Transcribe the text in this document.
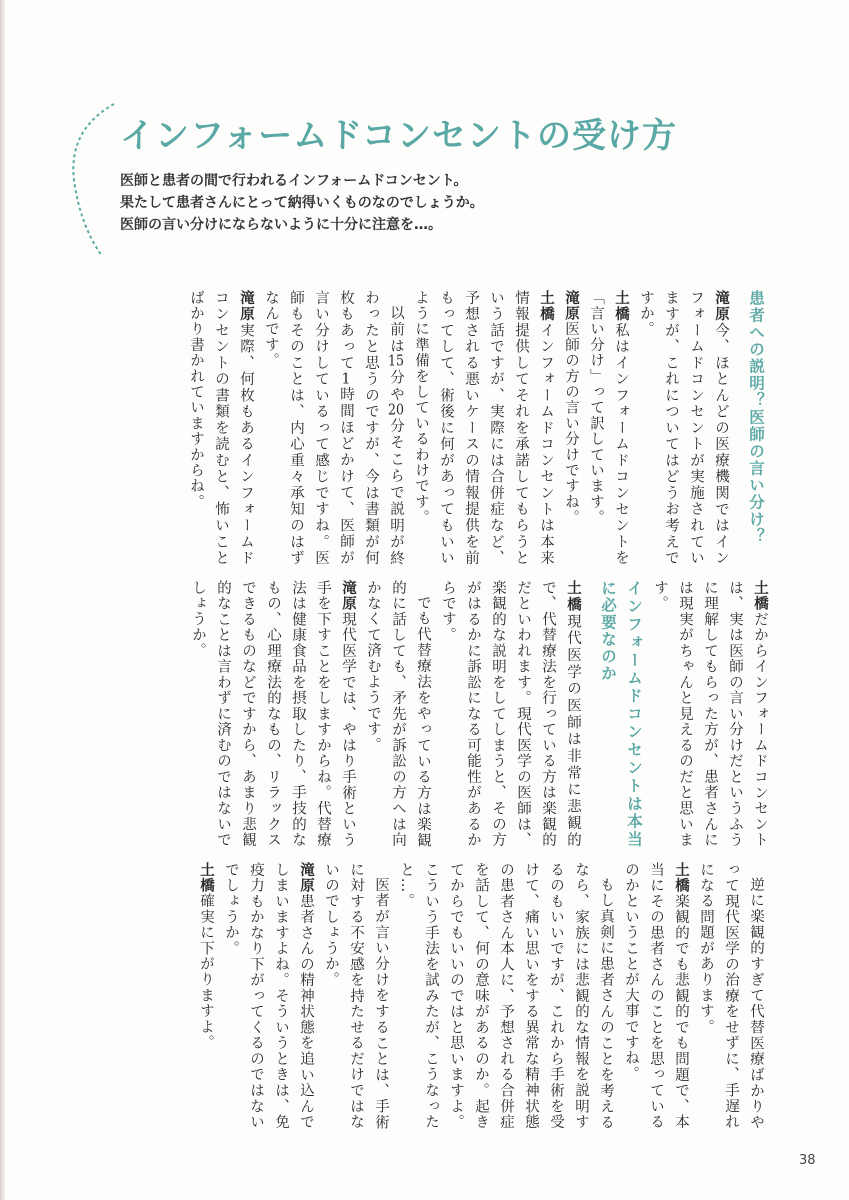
インフォームドコンセントの受け方
医師と患者の間で行われるインフォームドコンセント。
果たして患者さんにとって納得いくものなのでしょうか。
医師の言い分けにならないように十分に注意を…。
患者への説明？医師の言い分け？

滝原今、ほとんどの医療機関ではインフォームドコンセントが実施されていますが、これについてはどうお考えですか。

土橋私はインフォームドコンセントを「言い分け」って訳しています。

滝原医師の方の言い分けですね。

土橋インフォームドコンセントは本来情報提供してそれを承諾してもらうという話ですが、実際には合併症など、予想される悪いケースの情報提供を前もってして、術後に何があってもいいように準備をしているわけです。

以前は15分や20分そこらで説明が終わったと思うのですが、今は書類が何枚もあって1時間ほどかけて、医師が言い分けしているって感じですね。医師もそのことは、内心重々承知のはずなんです。

滝原実際、何枚もあるインフォームドコンセントの書類を読むと、怖いことばかり書かれていますからね。

土橋だからインフォームドコンセントは、実は医師の言い分けだというふうに理解してもらった方が、患者さんには現実がちゃんと見えるのだと思います。

インフォームドコンセントは本当に必要なのか

土橋現代医学の医師は非常に悲観的で、代替療法を行っている方は楽観的だといわれます。現代医学の医師は、楽観的な説明をしてしまうと、その方がはるかに訴訟になる可能性があるからです。

でも代替療法をやっている方は楽観的に話しても、矛先が訴訟の方へは向かなくて済むようです。

滝原現代医学では、やはり手術という手を下すことをしますからね。代替療法は健康食品を摂取したり、手技的なもの、心理療法的なもの、リラックスできるものなどですから、あまり悲観的なことは言わずに済むのではないでしょうか。

逆に楽観的すぎて代替医療ばかりやって現代医学の治療をせずに、手遅れになる問題があります。

土橋楽観的でも悲観的でも問題で、本当にその患者さんのことを思っているのかということが大事ですね。

もし真剣に患者さんのことを考えるなら、家族には悲観的な情報を説明するのもいいですが、これから手術を受けて、痛い思いをする異常な精神状態の患者さん本人に、予想される合併症を話して、何の意味があるのか。起きてからでもいいのではと思いますよ。こういう手法を試みたが、こうなったと…。

医者が言い分けをすることは、手術に対する不安感を持たせるだけではないのでしょうか。

滝原患者さんの精神状態を追い込んでしまいますよね。そういうときは、免疫力もかなり下がってくるのではないでしょうか。

土橋確実に下がりますよ。

38
